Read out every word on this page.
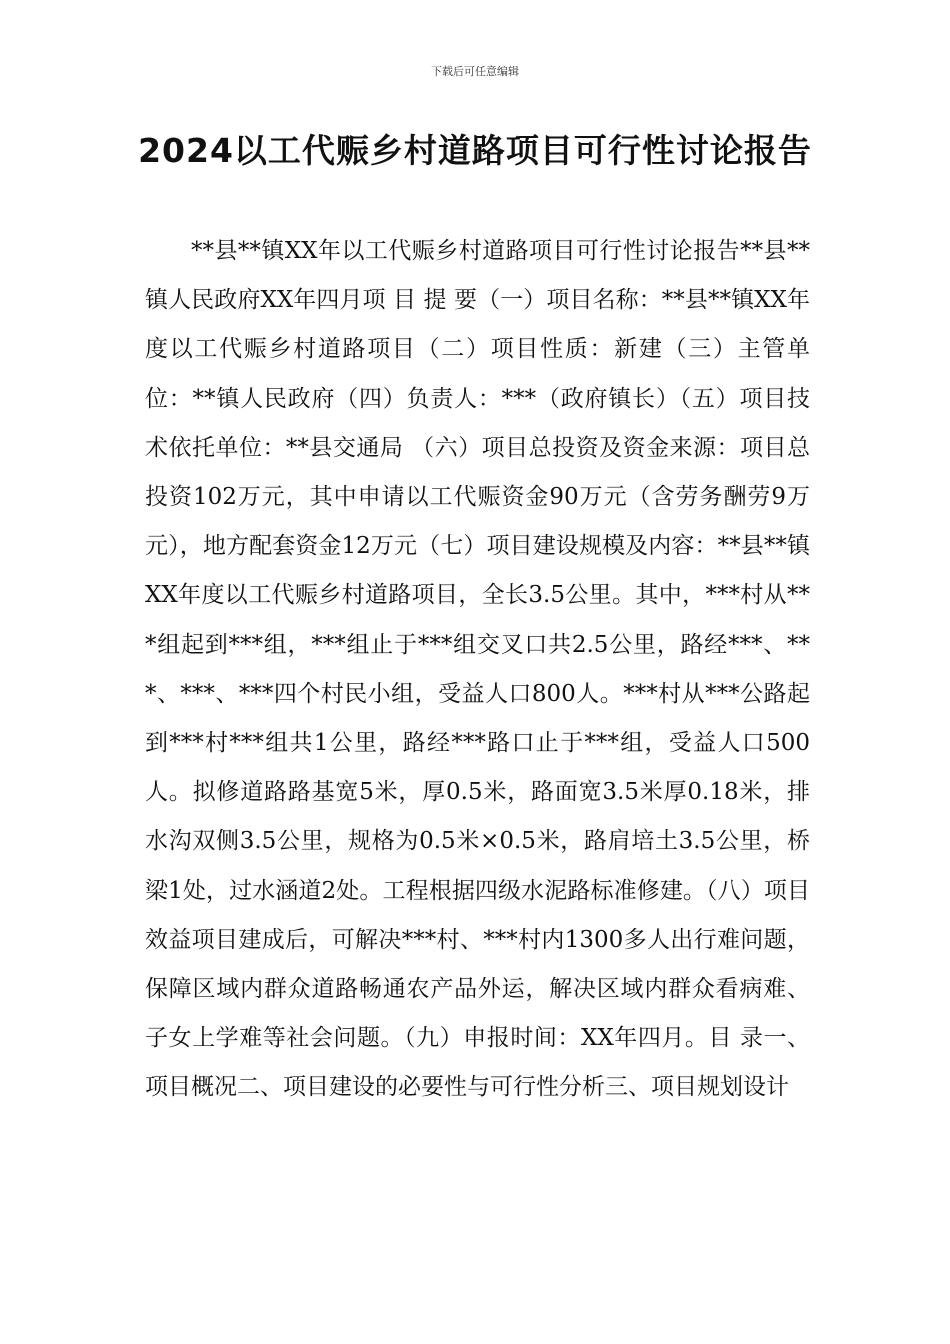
下载后可任意编辑
2024以工代赈乡村道路项目可行性讨论报告

**县**镇XX年以工代赈乡村道路项目可行性讨论报告**县**镇人民政府XX年四月项 目 提 要（一）项目名称：**县**镇XX年度以工代赈乡村道路项目（二）项目性质：新建（三）主管单位：**镇人民政府（四）负责人：***（政府镇长）（五）项目技术依托单位：**县交通局 （六）项目总投资及资金来源：项目总投资102万元，其中申请以工代赈资金90万元（含劳务酬劳9万元），地方配套资金12万元（七）项目建设规模及内容：**县**镇XX年度以工代赈乡村道路项目，全长3.5公里。其中，***村从***组起到***组，***组止于***组交叉口共2.5公里，路经***、***、***、***四个村民小组，受益人口800人。***村从***公路起到***村***组共1公里，路经***路口止于***组，受益人口500人。拟修道路路基宽5米，厚0.5米，路面宽3.5米厚0.18米，排水沟双侧3.5公里，规格为0.5米×0.5米，路肩培土3.5公里，桥梁1处，过水涵道2处。工程根据四级水泥路标准修建。（八）项目效益项目建成后，可解决***村、***村内1300多人出行难问题，保障区域内群众道路畅通农产品外运，解决区域内群众看病难、子女上学难等社会问题。（九）申报时间：XX年四月。目 录一、项目概况二、项目建设的必要性与可行性分析三、项目规划设计
